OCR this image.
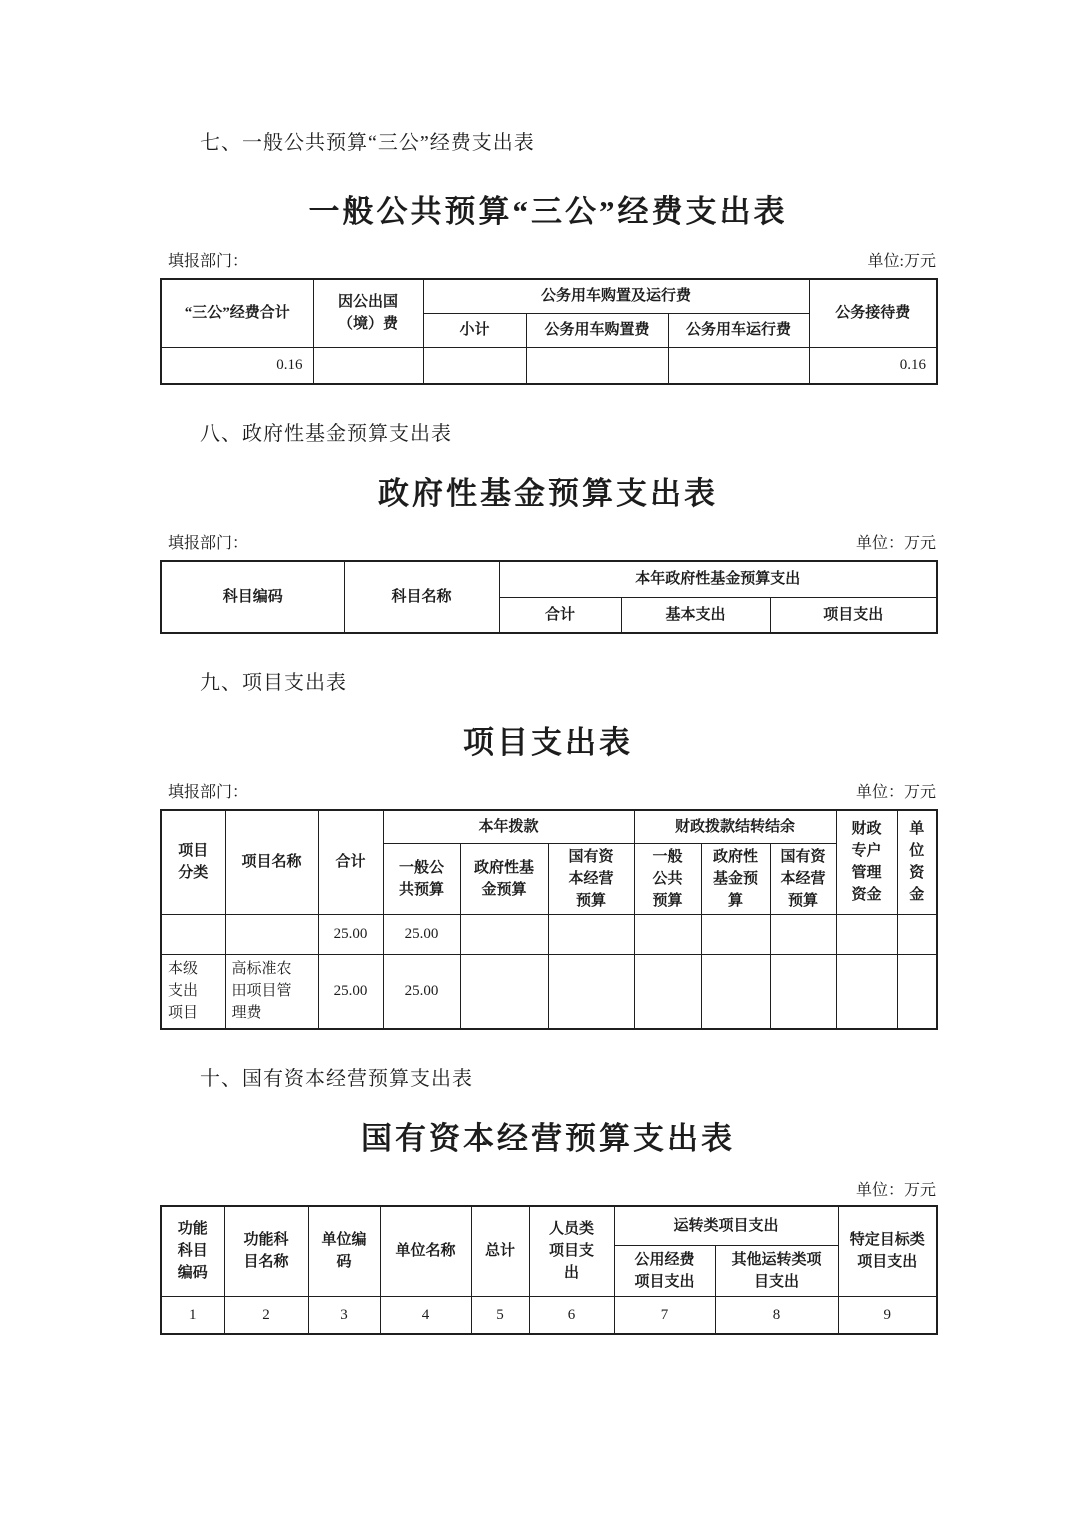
七、一般公共预算“三公”经费支出表

一般公共预算“三公”经费支出表

填报部门：	单位:万元
“三公”经费合计	因公出国（境）费	公务用车购置及运行费			公务接待费
		小计	公务用车购置费	公务用车运行费	
0.16					0.16

八、政府性基金预算支出表

政府性基金预算支出表

填报部门：	单位：万元
科目编码	科目名称	本年政府性基金预算支出		
		合计	基本支出	项目支出

九、项目支出表

项目支出表

填报部门：	单位：万元
项目分类	项目名称	合计	本年拨款			财政拨款结转结余			财政专户管理资金	单位资金
			一般公共预算	政府性基金预算	国有资本经营预算	一般公共预算	政府性基金预算	国有资本经营预算		
		25.00	25.00							
本级支出项目	高标准农田项目管理费	25.00	25.00							

十、国有资本经营预算支出表

国有资本经营预算支出表

单位：万元
功能科目编码	功能科目名称	单位编码	单位名称	总计	人员类项目支出	运转类项目支出		特定目标类项目支出
						公用经费项目支出	其他运转类项目支出	
1	2	3	4	5	6	7	8	9
